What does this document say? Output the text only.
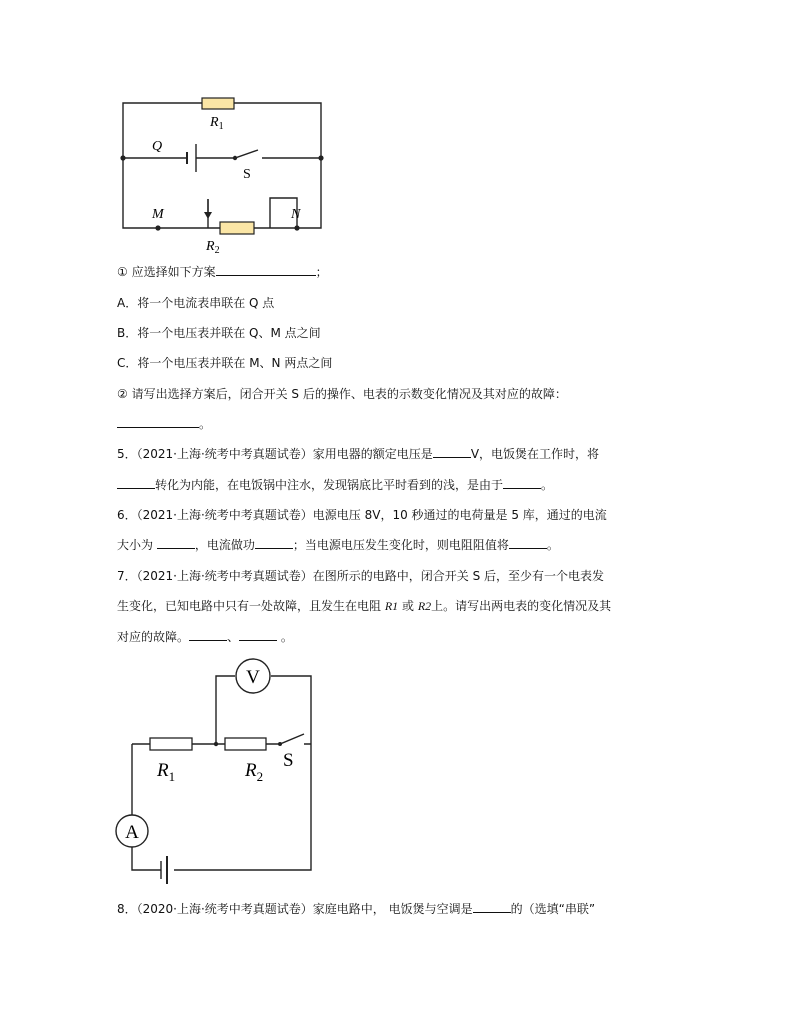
$R_1$
Q
S
M	N
$R_2$
① 应选择如下方案	；
A．将一个电流表串联在 Q 点
B．将一个电压表并联在 Q、M 点之间
C．将一个电压表并联在 M、N 两点之间
② 请写出选择方案后，闭合开关 S 后的操作、电表的示数变化情况及其对应的故障：
。
5．（2021·上海·统考中考真题试卷）家用电器的额定电压是	V，电饭煲在工作时，将
转化为内能，在电饭锅中注水，发现锅底比平时看到的浅，是由于	。
6．（2021·上海·统考中考真题试卷）电源电压 8V，10 秒通过的电荷量是 5 库，通过的电流
大小为	，电流做功	；当电源电压发生变化时，则电阻阻值将	。
7．（2021·上海·统考中考真题试卷）在图所示的电路中，闭合开关 S 后，至少有一个电表发
生变化，已知电路中只有一处故障，且发生在电阻 R1 或 R2上。请写出两电表的变化情况及其
对应的故障。	、	。
V
A
$R_1$	$R_2$
S
8．（2020·上海·统考中考真题试卷）家庭电路中， 电饭煲与空调是	的（选填“串联”
